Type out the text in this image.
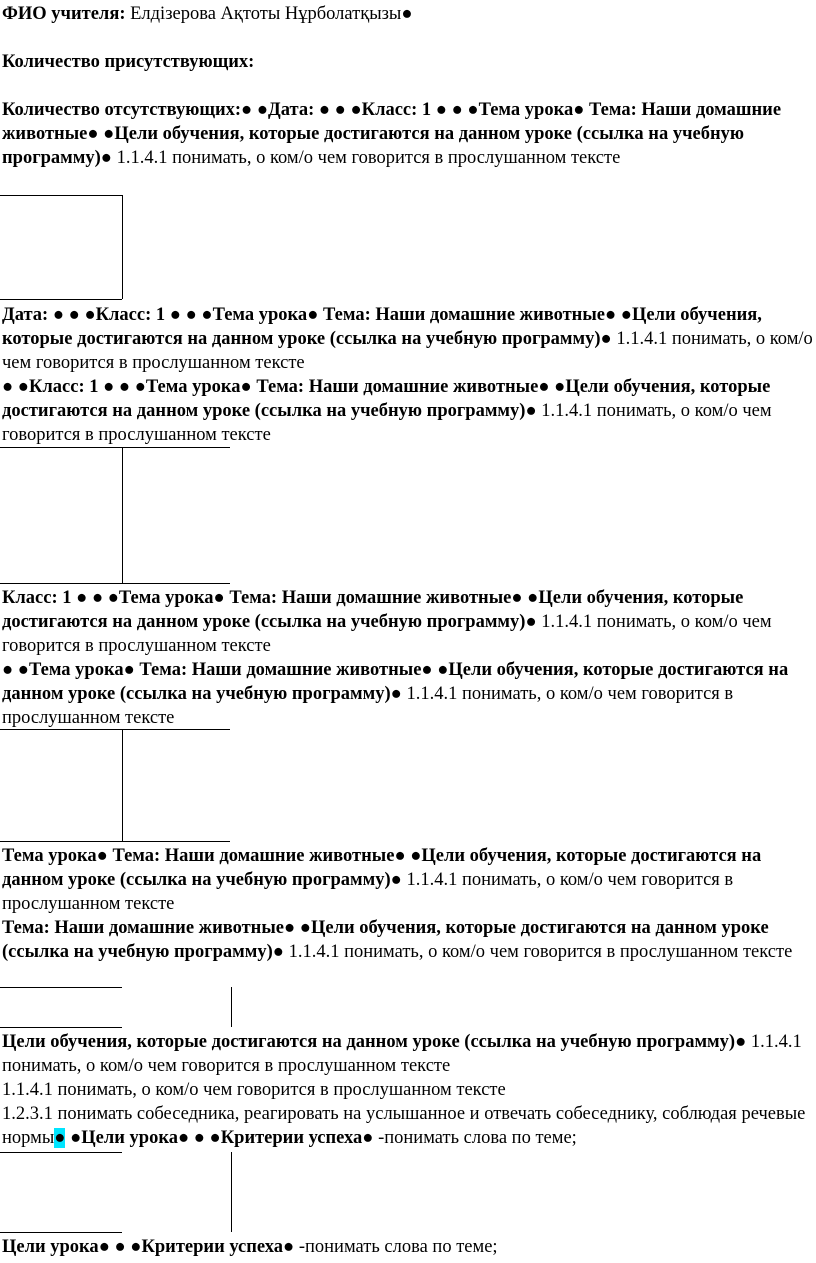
ФИО учителя: Елдізерова Ақтоты Нұрболатқызы●

Количество присутствующих:

Количество отсутствующих:● ●Дата: ● ● ●Класс: 1 ● ● ●Тема урока● Тема: Наши домашние животные● ●Цели обучения, которые достигаются на данном уроке (ссылка на учебную программу)● 1.1.4.1 понимать, о ком/о чем говорится в прослушанном тексте

Дата: ● ● ●Класс: 1 ● ● ●Тема урока● Тема: Наши домашние животные● ●Цели обучения, которые достигаются на данном уроке (ссылка на учебную программу)● 1.1.4.1 понимать, о ком/о чем говорится в прослушанном тексте

● ●Класс: 1 ● ● ●Тема урока● Тема: Наши домашние животные● ●Цели обучения, которые достигаются на данном уроке (ссылка на учебную программу)● 1.1.4.1 понимать, о ком/о чем говорится в прослушанном тексте

Класс: 1 ● ● ●Тема урока● Тема: Наши домашние животные● ●Цели обучения, которые достигаются на данном уроке (ссылка на учебную программу)● 1.1.4.1 понимать, о ком/о чем говорится в прослушанном тексте

● ●Тема урока● Тема: Наши домашние животные● ●Цели обучения, которые достигаются на данном уроке (ссылка на учебную программу)● 1.1.4.1 понимать, о ком/о чем говорится в прослушанном тексте

Тема урока● Тема: Наши домашние животные● ●Цели обучения, которые достигаются на данном уроке (ссылка на учебную программу)● 1.1.4.1 понимать, о ком/о чем говорится в прослушанном тексте

Тема: Наши домашние животные● ●Цели обучения, которые достигаются на данном уроке (ссылка на учебную программу)● 1.1.4.1 понимать, о ком/о чем говорится в прослушанном тексте

Цели обучения, которые достигаются на данном уроке (ссылка на учебную программу)● 1.1.4.1 понимать, о ком/о чем говорится в прослушанном тексте
1.1.4.1 понимать, о ком/о чем говорится в прослушанном тексте
1.2.3.1 понимать собеседника, реагировать на услышанное и отвечать собеседнику, соблюдая речевые нормы● ●Цели урока● ● ●Критерии успеха● -понимать слова по теме;

Цели урока● ● ●Критерии успеха● -понимать слова по теме;
